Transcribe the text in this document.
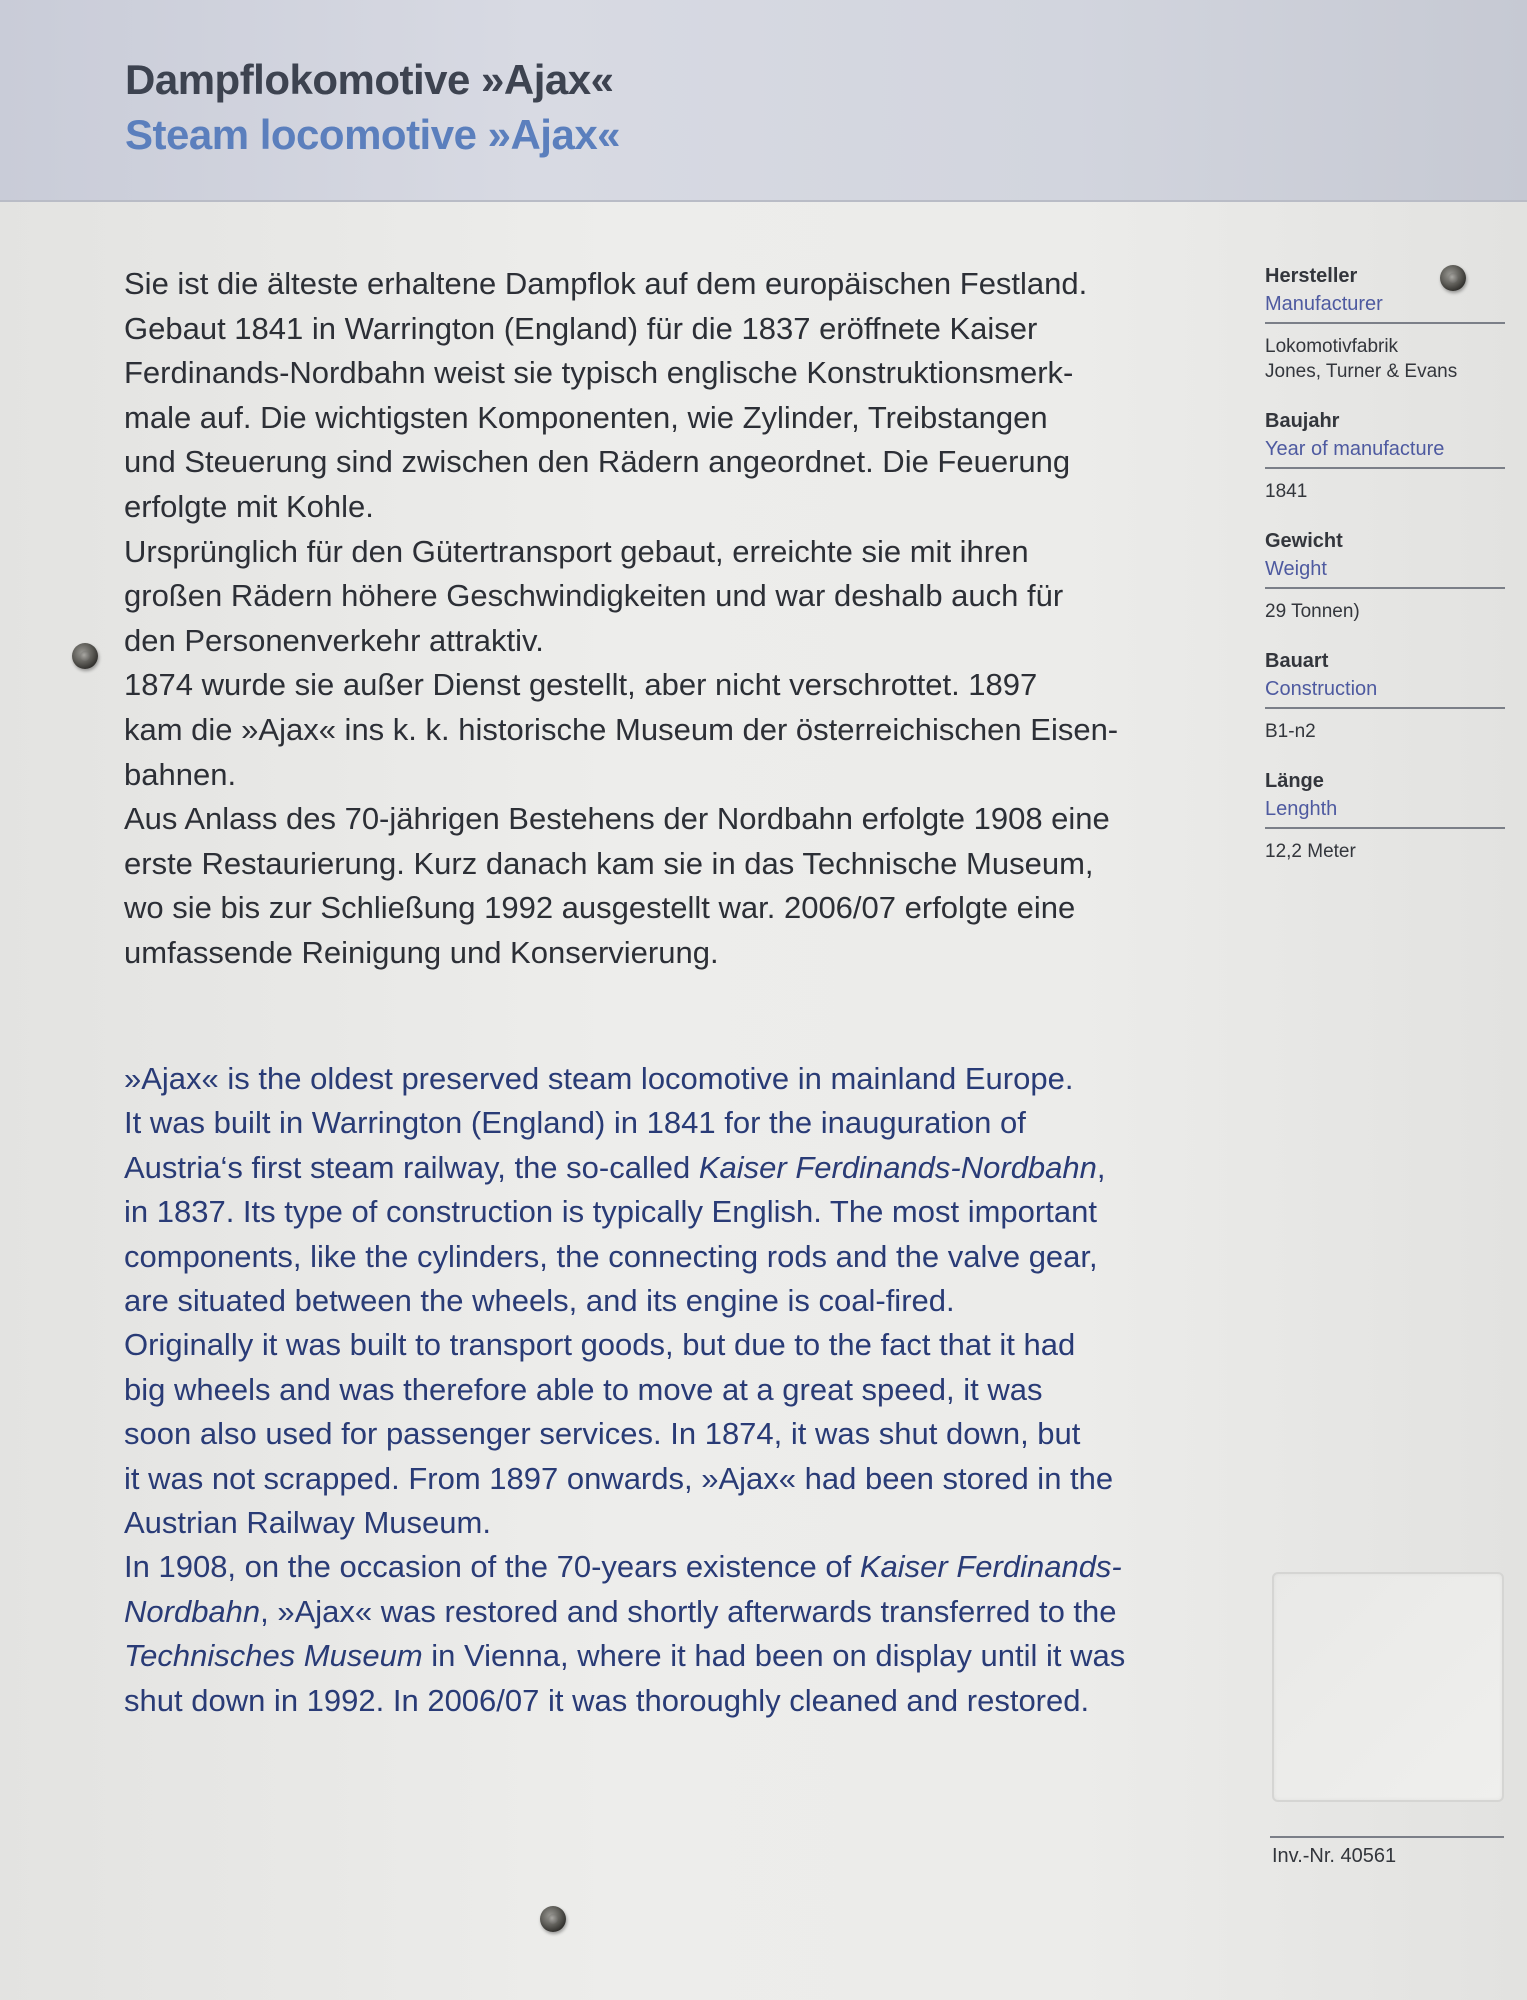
Dampflokomotive »Ajax«
Steam locomotive »Ajax«
Sie ist die älteste erhaltene Dampflok auf dem europäischen Festland.
Gebaut 1841 in Warrington (England) für die 1837 eröffnete Kaiser
Ferdinands-Nordbahn weist sie typisch englische Konstruktionsmerk-
male auf. Die wichtigsten Komponenten, wie Zylinder, Treibstangen
und Steuerung sind zwischen den Rädern angeordnet. Die Feuerung
erfolgte mit Kohle.
Ursprünglich für den Gütertransport gebaut, erreichte sie mit ihren
großen Rädern höhere Geschwindigkeiten und war deshalb auch für
den Personenverkehr attraktiv.
1874 wurde sie außer Dienst gestellt, aber nicht verschrottet. 1897
kam die »Ajax« ins k. k. historische Museum der österreichischen Eisen-
bahnen.
Aus Anlass des 70-jährigen Bestehens der Nordbahn erfolgte 1908 eine
erste Restaurierung. Kurz danach kam sie in das Technische Museum,
wo sie bis zur Schließung 1992 ausgestellt war. 2006/07 erfolgte eine
umfassende Reinigung und Konservierung.
»Ajax« is the oldest preserved steam locomotive in mainland Europe.
It was built in Warrington (England) in 1841 for the inauguration of
Austria‘s first steam railway, the so-called Kaiser Ferdinands-Nordbahn,
in 1837. Its type of construction is typically English. The most important
components, like the cylinders, the connecting rods and the valve gear,
are situated between the wheels, and its engine is coal-fired.
Originally it was built to transport goods, but due to the fact that it had
big wheels and was therefore able to move at a great speed, it was
soon also used for passenger services. In 1874, it was shut down, but
it was not scrapped. From 1897 onwards, »Ajax« had been stored in the
Austrian Railway Museum.
In 1908, on the occasion of the 70-years existence of Kaiser Ferdinands-
Nordbahn, »Ajax« was restored and shortly afterwards transferred to the
Technisches Museum in Vienna, where it had been on display until it was
shut down in 1992. In 2006/07 it was thoroughly cleaned and restored.
Hersteller
Manufacturer
Lokomotivfabrik
Jones, Turner & Evans
Baujahr
Year of manufacture
1841
Gewicht
Weight
29 Tonnen)
Bauart
Construction
B1-n2
Länge
Lenghth
12,2 Meter
Inv.-Nr. 40561
